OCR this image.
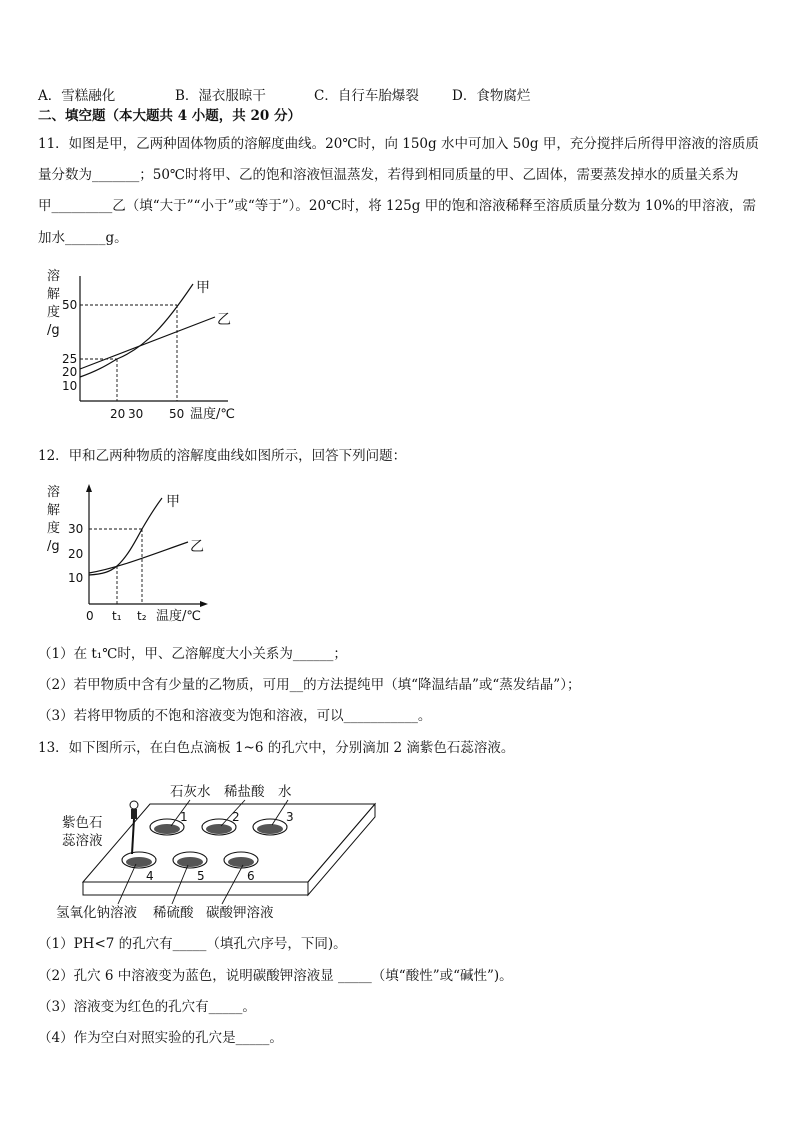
A．雪糕融化	B．湿衣服晾干	C．自行车胎爆裂 D．食物腐烂
二、填空题（本大题共 4 小题，共 20 分）
11．如图是甲，乙两种固体物质的溶解度曲线。20℃时，向 150g 水中可加入 50g 甲，充分搅拌后所得甲溶液的溶质质
量分数为_______；50℃时将甲、乙的饱和溶液恒温蒸发，若得到相同质量的甲、乙固体，需要蒸发掉水的质量关系为
甲_________乙（填“大于”“小于”或“等于”）。20℃时，将 125g 甲的饱和溶液稀释至溶质质量分数为 10%的甲溶液，需
加水______g。
溶
解
度
/g
10
20
25
50
甲
乙
20 30 50 温度/℃
12．甲和乙两种物质的溶解度曲线如图所示，回答下列问题：
溶
解
度
/g
30
20
10
甲
乙
0 t₁ t₂ 温度/℃
（1）在 t₁℃时，甲、乙溶解度大小关系为______；
（2）若甲物质中含有少量的乙物质，可用__的方法提纯甲（填“降温结晶”或“蒸发结晶”）；
（3）若将甲物质的不饱和溶液变为饱和溶液，可以___________。
13．如下图所示，在白色点滴板 1~6 的孔穴中，分别滴加 2 滴紫色石蕊溶液。
石灰水 稀盐酸 水
紫色石
蕊溶液
1	2	3
4	5	6
氢氧化钠溶液 稀硫酸 碳酸钾溶液
（1）PH<7 的孔穴有_____（填孔穴序号，下同)。
（2）孔穴 6 中溶液变为蓝色，说明碳酸钾溶液显 _____（填“酸性”或“碱性”)。
（3）溶液变为红色的孔穴有_____。
（4）作为空白对照实验的孔穴是_____。
